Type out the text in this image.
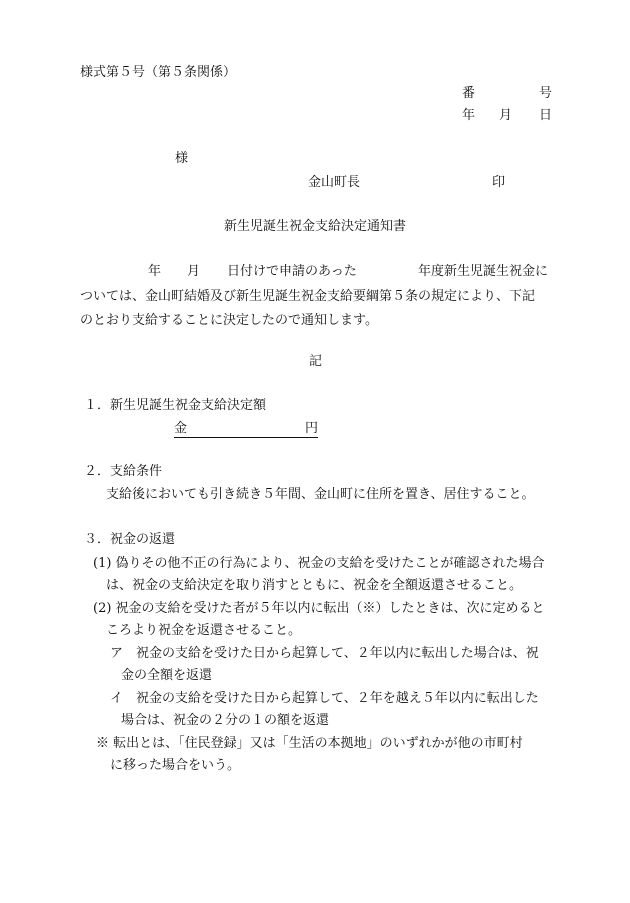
様式第５号（第５条関係）
番	号
年 月 日
様
金山町長	印
新生児誕生祝金支給決定通知書
年 月 日付けで申請のあった	年度新生児誕生祝金に
ついては、金山町結婚及び新生児誕生祝金支給要綱第５条の規定により、下記
のとおり支給することに決定したので通知します。
記
１．新生児誕生祝金支給決定額
金	円
２．支給条件
支給後においても引き続き５年間、金山町に住所を置き、居住すること。
３．祝金の返還
(1) 偽りその他不正の行為により、祝金の支給を受けたことが確認された場合
は、祝金の支給決定を取り消すとともに、祝金を全額返還させること。
(2) 祝金の支給を受けた者が５年以内に転出（※）したときは、次に定めると
ころより祝金を返還させること。
ア　祝金の支給を受けた日から起算して、２年以内に転出した場合は、祝
金の全額を返還
イ　祝金の支給を受けた日から起算して、２年を越え５年以内に転出した
場合は、祝金の２分の１の額を返還
※ 転出とは、「住民登録」又は「生活の本拠地」のいずれかが他の市町村
に移った場合をいう。
